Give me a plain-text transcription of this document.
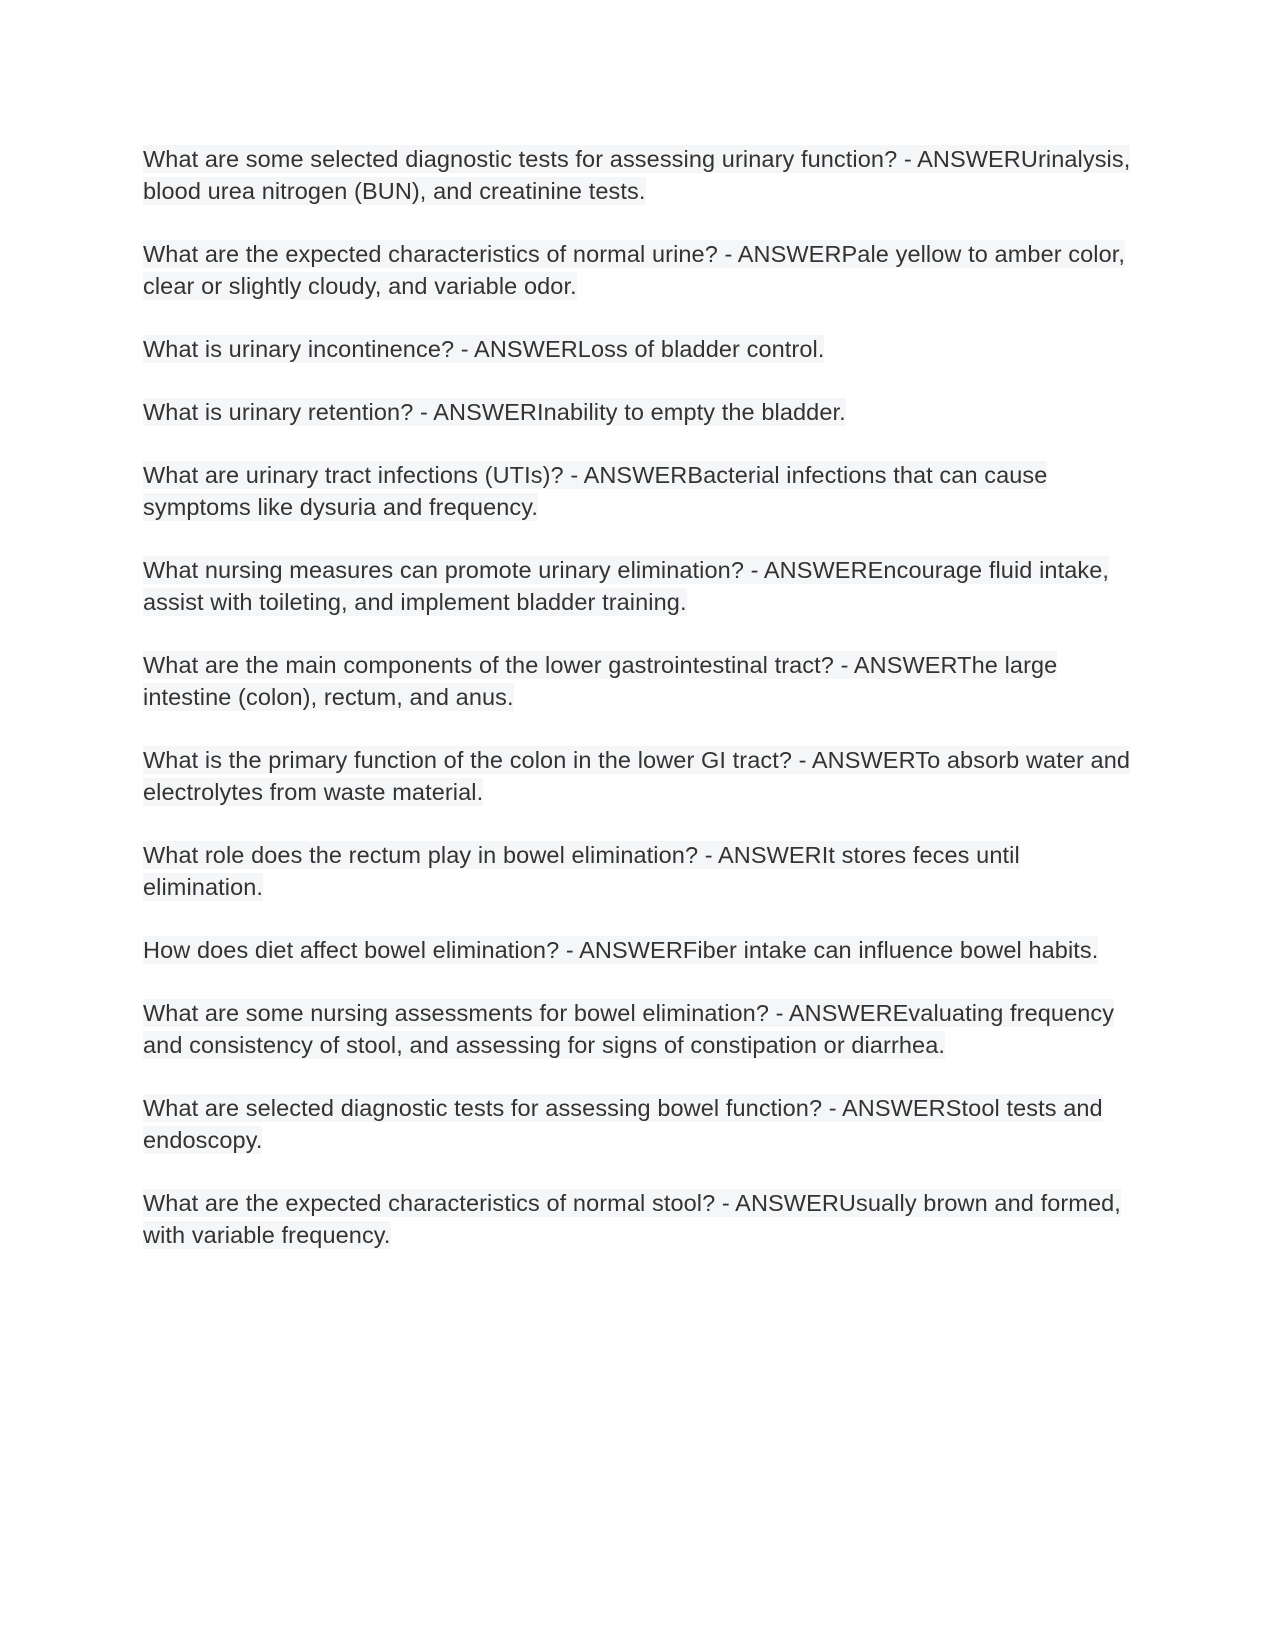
What are some selected diagnostic tests for assessing urinary function? - ANSWERUrinalysis, blood urea nitrogen (BUN), and creatinine tests.

What are the expected characteristics of normal urine? - ANSWERPale yellow to amber color, clear or slightly cloudy, and variable odor.

What is urinary incontinence? - ANSWERLoss of bladder control.

What is urinary retention? - ANSWERInability to empty the bladder.

What are urinary tract infections (UTIs)? - ANSWERBacterial infections that can cause symptoms like dysuria and frequency.

What nursing measures can promote urinary elimination? - ANSWEREncourage fluid intake, assist with toileting, and implement bladder training.

What are the main components of the lower gastrointestinal tract? - ANSWERThe large intestine (colon), rectum, and anus.

What is the primary function of the colon in the lower GI tract? - ANSWERTo absorb water and electrolytes from waste material.

What role does the rectum play in bowel elimination? - ANSWERIt stores feces until elimination.

How does diet affect bowel elimination? - ANSWERFiber intake can influence bowel habits.

What are some nursing assessments for bowel elimination? - ANSWEREvaluating frequency and consistency of stool, and assessing for signs of constipation or diarrhea.

What are selected diagnostic tests for assessing bowel function? - ANSWERStool tests and endoscopy.

What are the expected characteristics of normal stool? - ANSWERUsually brown and formed, with variable frequency.
